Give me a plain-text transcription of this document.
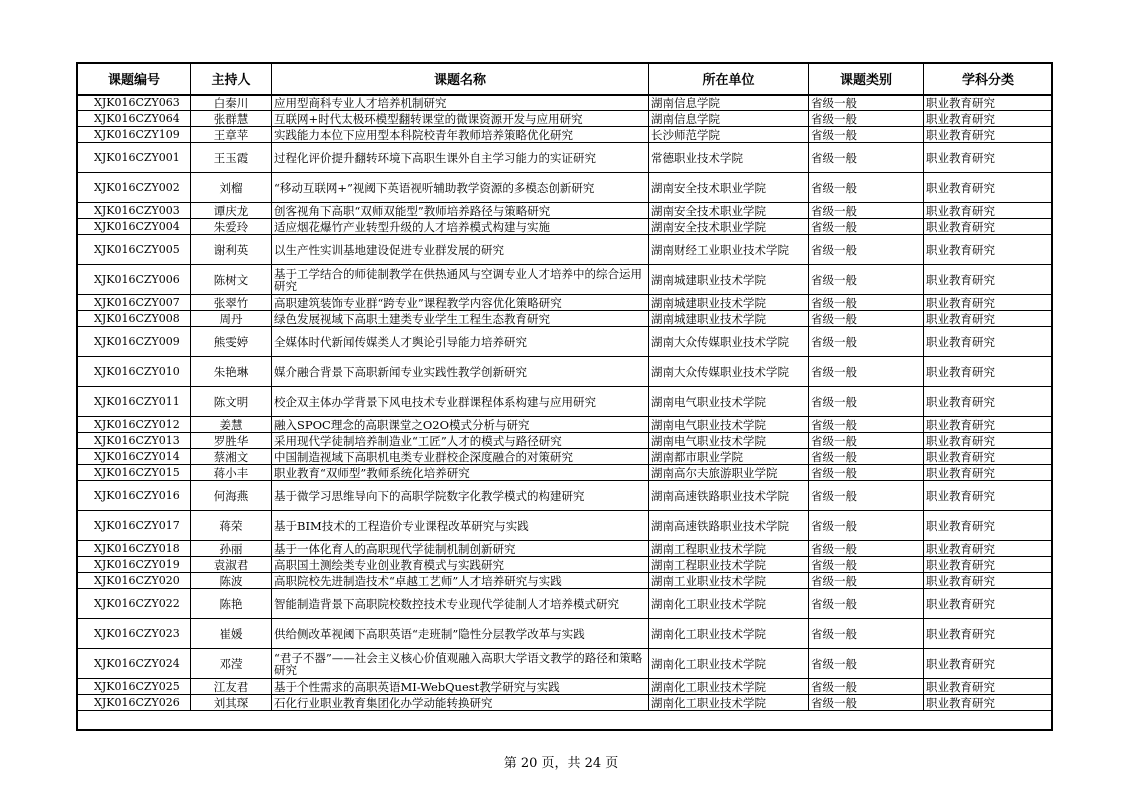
课题编号	主持人	课题名称	所在单位	课题类别	学科分类
XJK016CZY063	白秦川	应用型商科专业人才培养机制研究	湖南信息学院	省级一般	职业教育研究
XJK016CZY064	张群慧	互联网+时代太极环模型翻转课堂的微课资源开发与应用研究	湖南信息学院	省级一般	职业教育研究
XJK016CZY109	王章苹	实践能力本位下应用型本科院校青年教师培养策略优化研究	长沙师范学院	省级一般	职业教育研究
XJK016CZY001	王玉霞	过程化评价提升翻转环境下高职生课外自主学习能力的实证研究	常德职业技术学院	省级一般	职业教育研究
XJK016CZY002	刘榴	“移动互联网+”视阈下英语视听辅助教学资源的多模态创新研究	湖南安全技术职业学院	省级一般	职业教育研究
XJK016CZY003	谭庆龙	创客视角下高职“双师双能型”教师培养路径与策略研究	湖南安全技术职业学院	省级一般	职业教育研究
XJK016CZY004	朱爱玲	适应烟花爆竹产业转型升级的人才培养模式构建与实施	湖南安全技术职业学院	省级一般	职业教育研究
XJK016CZY005	谢利英	以生产性实训基地建设促进专业群发展的研究	湖南财经工业职业技术学院	省级一般	职业教育研究
XJK016CZY006	陈树文	基于工学结合的师徒制教学在供热通风与空调专业人才培养中的综合运用研究	湖南城建职业技术学院	省级一般	职业教育研究
XJK016CZY007	张翠竹	高职建筑装饰专业群“跨专业”课程教学内容优化策略研究	湖南城建职业技术学院	省级一般	职业教育研究
XJK016CZY008	周丹	绿色发展视域下高职土建类专业学生工程生态教育研究	湖南城建职业技术学院	省级一般	职业教育研究
XJK016CZY009	熊雯婷	全媒体时代新闻传媒类人才舆论引导能力培养研究	湖南大众传媒职业技术学院	省级一般	职业教育研究
XJK016CZY010	朱艳琳	媒介融合背景下高职新闻专业实践性教学创新研究	湖南大众传媒职业技术学院	省级一般	职业教育研究
XJK016CZY011	陈文明	校企双主体办学背景下风电技术专业群课程体系构建与应用研究	湖南电气职业技术学院	省级一般	职业教育研究
XJK016CZY012	姜慧	融入SPOC理念的高职课堂之O2O模式分析与研究	湖南电气职业技术学院	省级一般	职业教育研究
XJK016CZY013	罗胜华	采用现代学徒制培养制造业“工匠”人才的模式与路径研究	湖南电气职业技术学院	省级一般	职业教育研究
XJK016CZY014	蔡湘文	中国制造视域下高职机电类专业群校企深度融合的对策研究	湖南都市职业学院	省级一般	职业教育研究
XJK016CZY015	蒋小丰	职业教育“双师型”教师系统化培养研究	湖南高尔夫旅游职业学院	省级一般	职业教育研究
XJK016CZY016	何海燕	基于微学习思维导向下的高职学院数字化教学模式的构建研究	湖南高速铁路职业技术学院	省级一般	职业教育研究
XJK016CZY017	蒋荣	基于BIM技术的工程造价专业课程改革研究与实践	湖南高速铁路职业技术学院	省级一般	职业教育研究
XJK016CZY018	孙丽	基于一体化育人的高职现代学徒制机制创新研究	湖南工程职业技术学院	省级一般	职业教育研究
XJK016CZY019	袁淑君	高职国土测绘类专业创业教育模式与实践研究	湖南工程职业技术学院	省级一般	职业教育研究
XJK016CZY020	陈波	高职院校先进制造技术“卓越工艺师”人才培养研究与实践	湖南工业职业技术学院	省级一般	职业教育研究
XJK016CZY022	陈艳	智能制造背景下高职院校数控技术专业现代学徒制人才培养模式研究	湖南化工职业技术学院	省级一般	职业教育研究
XJK016CZY023	崔媛	供给侧改革视阈下高职英语“走班制”隐性分层教学改革与实践	湖南化工职业技术学院	省级一般	职业教育研究
XJK016CZY024	邓滢	“君子不器”——社会主义核心价值观融入高职大学语文教学的路径和策略研究	湖南化工职业技术学院	省级一般	职业教育研究
XJK016CZY025	江友君	基于个性需求的高职英语MI-WebQuest教学研究与实践	湖南化工职业技术学院	省级一般	职业教育研究
XJK016CZY026	刘其琛	石化行业职业教育集团化办学动能转换研究	湖南化工职业技术学院	省级一般	职业教育研究
第 20 页，共 24 页
